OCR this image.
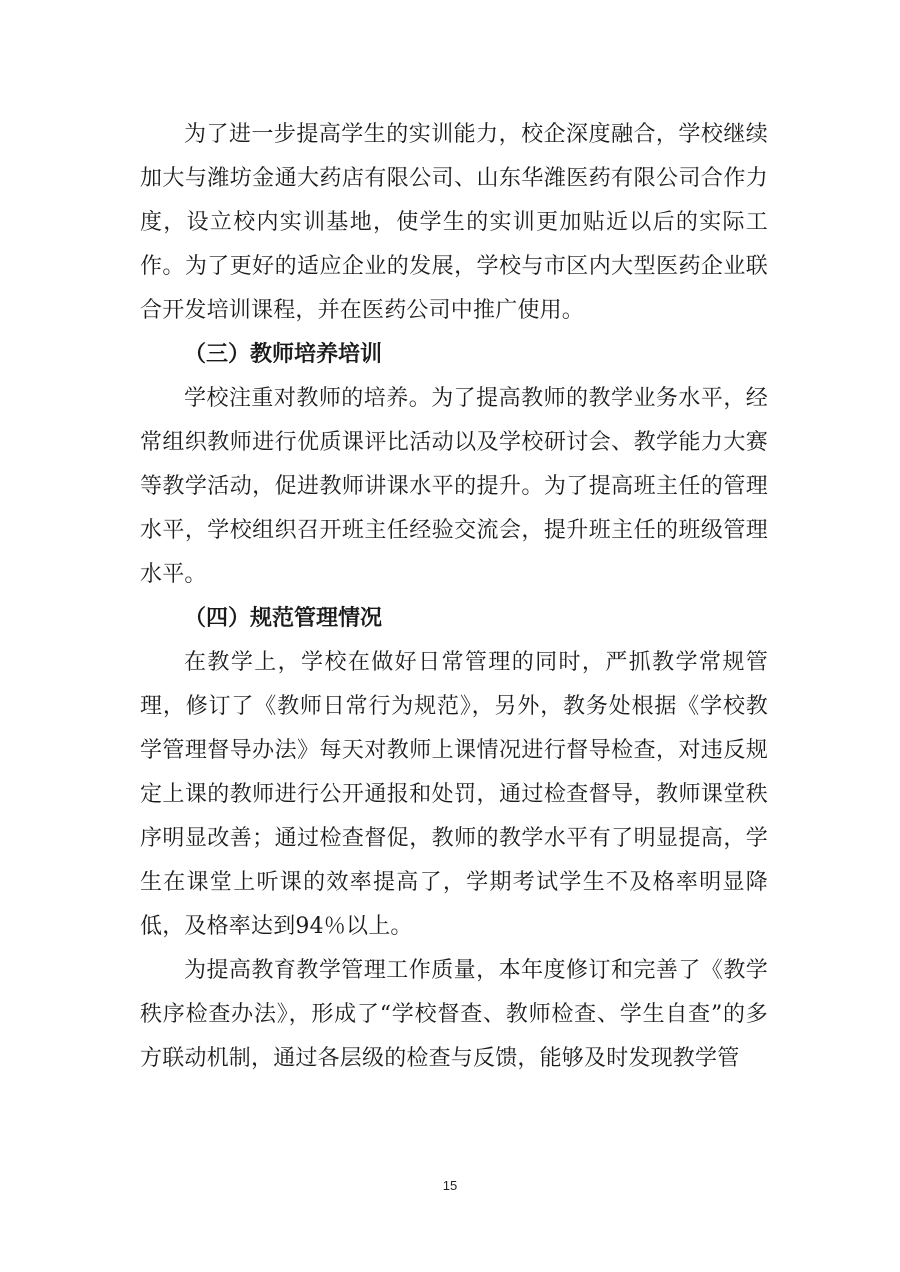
为了进一步提高学生的实训能力，校企深度融合，学校继续加大与潍坊金通大药店有限公司、山东华潍医药有限公司合作力度，设立校内实训基地，使学生的实训更加贴近以后的实际工作。为了更好的适应企业的发展，学校与市区内大型医药企业联合开发培训课程，并在医药公司中推广使用。

（三）教师培养培训

学校注重对教师的培养。为了提高教师的教学业务水平，经常组织教师进行优质课评比活动以及学校研讨会、教学能力大赛等教学活动，促进教师讲课水平的提升。为了提高班主任的管理水平，学校组织召开班主任经验交流会，提升班主任的班级管理水平。

（四）规范管理情况

在教学上，学校在做好日常管理的同时，严抓教学常规管理，修订了《教师日常行为规范》，另外，教务处根据《学校教学管理督导办法》每天对教师上课情况进行督导检查，对违反规定上课的教师进行公开通报和处罚，通过检查督导，教师课堂秩序明显改善；通过检查督促，教师的教学水平有了明显提高，学生在课堂上听课的效率提高了，学期考试学生不及格率明显降低，及格率达到94％以上。

为提高教育教学管理工作质量，本年度修订和完善了《教学秩序检查办法》，形成了“学校督查、教师检查、学生自查”的多方联动机制，通过各层级的检查与反馈，能够及时发现教学管

15
